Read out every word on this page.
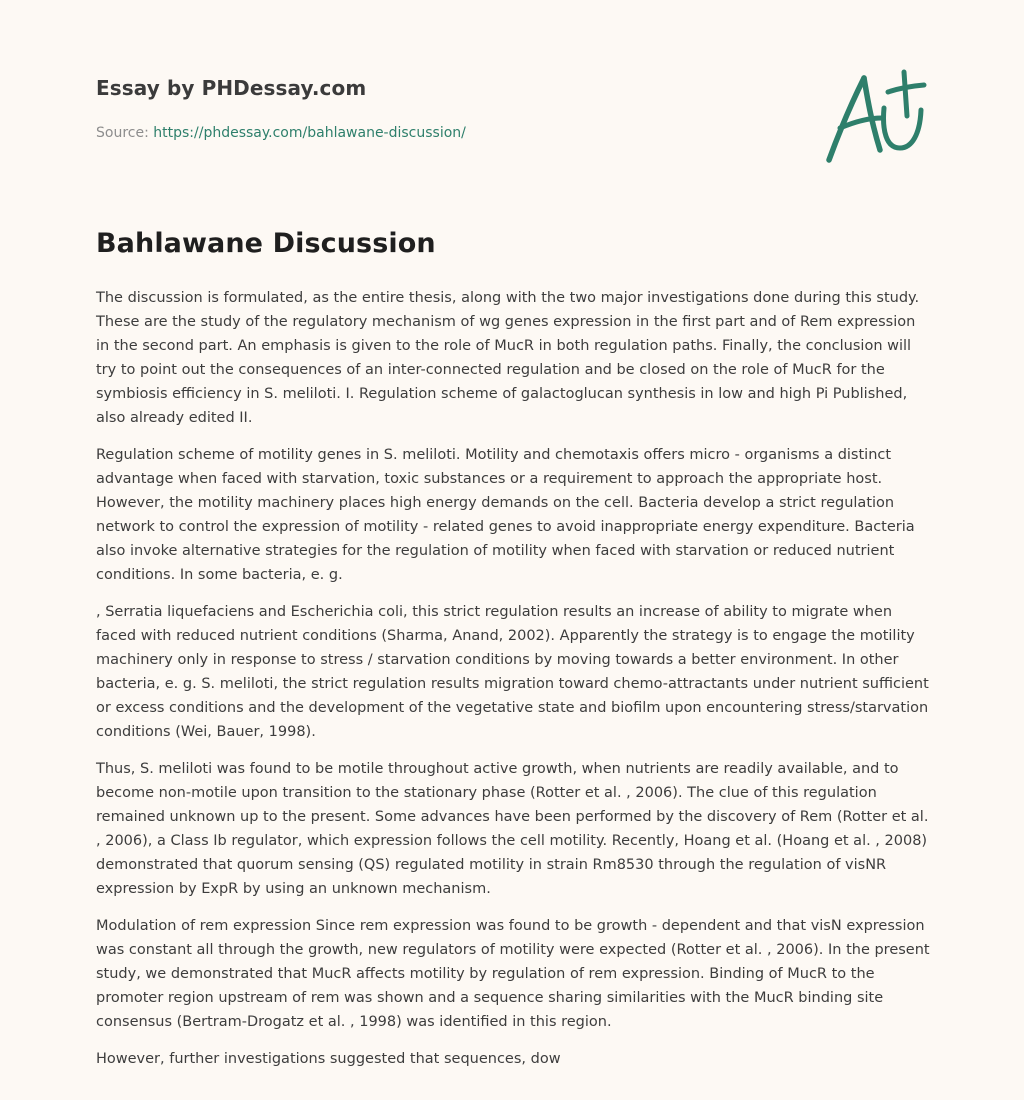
Essay by PHDessay.com
Source: https://phdessay.com/bahlawane-discussion/
Bahlawane Discussion

The discussion is formulated, as the entire thesis, along with the two major investigations done during this study. These are the study of the regulatory mechanism of wg genes expression in the first part and of Rem expression in the second part. An emphasis is given to the role of MucR in both regulation paths. Finally, the conclusion will try to point out the consequences of an inter-connected regulation and be closed on the role of MucR for the symbiosis efficiency in S. meliloti. I. Regulation scheme of galactoglucan synthesis in low and high Pi Published, also already edited II.

Regulation scheme of motility genes in S. meliloti. Motility and chemotaxis offers micro - organisms a distinct advantage when faced with starvation, toxic substances or a requirement to approach the appropriate host. However, the motility machinery places high energy demands on the cell. Bacteria develop a strict regulation network to control the expression of motility - related genes to avoid inappropriate energy expenditure. Bacteria also invoke alternative strategies for the regulation of motility when faced with starvation or reduced nutrient conditions. In some bacteria, e. g.

, Serratia liquefaciens and Escherichia coli, this strict regulation results an increase of ability to migrate when faced with reduced nutrient conditions (Sharma, Anand, 2002). Apparently the strategy is to engage the motility machinery only in response to stress / starvation conditions by moving towards a better environment. In other bacteria, e. g. S. meliloti, the strict regulation results migration toward chemo-attractants under nutrient sufficient or excess conditions and the development of the vegetative state and biofilm upon encountering stress/starvation conditions (Wei, Bauer, 1998).

Thus, S. meliloti was found to be motile throughout active growth, when nutrients are readily available, and to become non-motile upon transition to the stationary phase (Rotter et al. , 2006). The clue of this regulation remained unknown up to the present. Some advances have been performed by the discovery of Rem (Rotter et al. , 2006), a Class Ib regulator, which expression follows the cell motility. Recently, Hoang et al. (Hoang et al. , 2008) demonstrated that quorum sensing (QS) regulated motility in strain Rm8530 through the regulation of visNR expression by ExpR by using an unknown mechanism.

Modulation of rem expression Since rem expression was found to be growth - dependent and that visN expression was constant all through the growth, new regulators of motility were expected (Rotter et al. , 2006). In the present study, we demonstrated that MucR affects motility by regulation of rem expression. Binding of MucR to the promoter region upstream of rem was shown and a sequence sharing similarities with the MucR binding site consensus (Bertram-Drogatz et al. , 1998) was identified in this region.

However, further investigations suggested that sequences, dow
